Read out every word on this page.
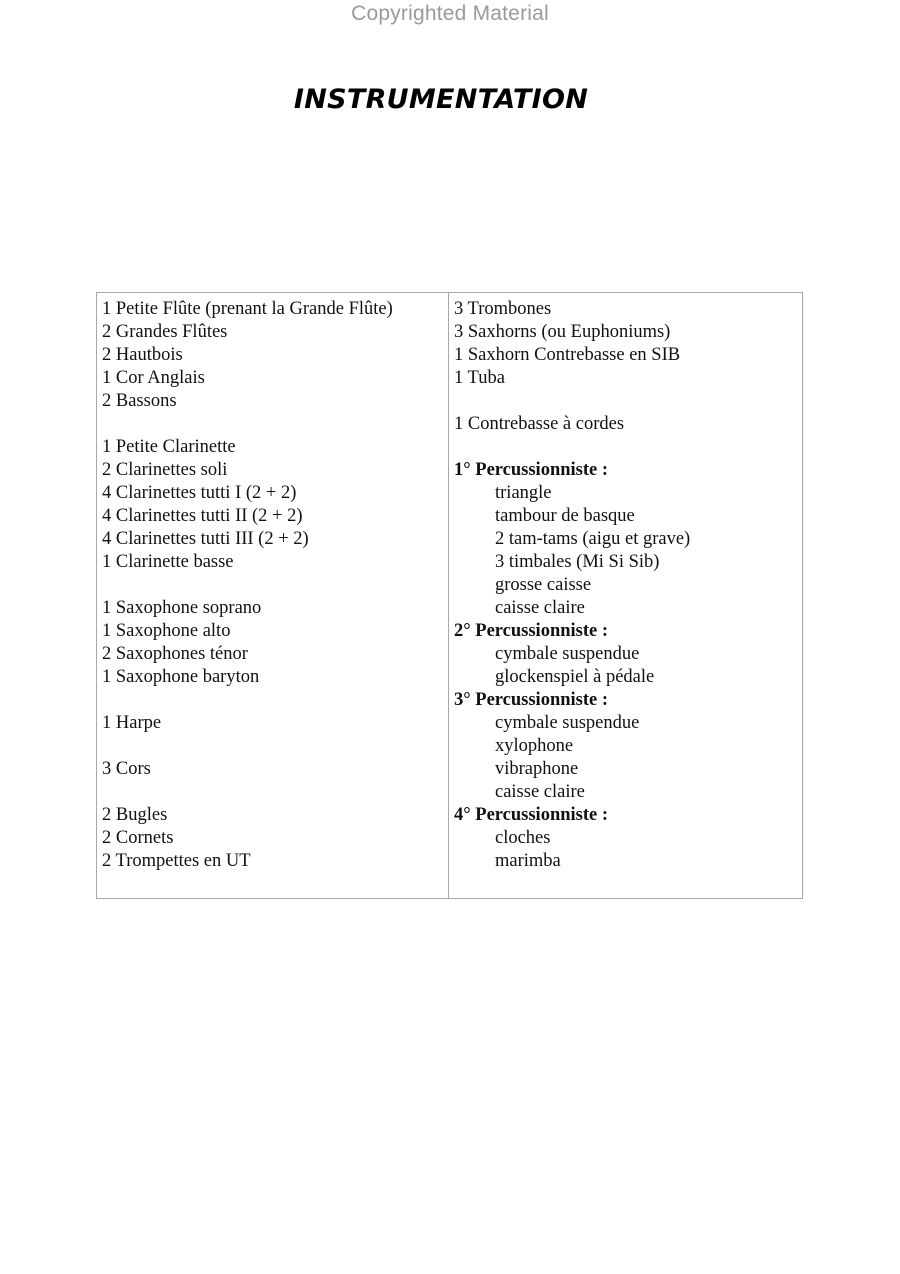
Copyrighted Material
INSTRUMENTATION
1 Petite Flûte (prenant la Grande Flûte)
2 Grandes Flûtes
2 Hautbois
1 Cor Anglais
2 Bassons
1 Petite Clarinette
2 Clarinettes soli
4 Clarinettes tutti I (2 + 2)
4 Clarinettes tutti II (2 + 2)
4 Clarinettes tutti III (2 + 2)
1 Clarinette basse
1 Saxophone soprano
1 Saxophone alto
2 Saxophones ténor
1 Saxophone baryton
1 Harpe
3 Cors
2 Bugles
2 Cornets
2 Trompettes en UT
3 Trombones
3 Saxhorns (ou Euphoniums)
1 Saxhorn Contrebasse en SIB
1 Tuba
1 Contrebasse à cordes
1° Percussionniste :
triangle
tambour de basque
2 tam-tams (aigu et grave)
3 timbales (Mi Si Sib)
grosse caisse
caisse claire
2° Percussionniste :
cymbale suspendue
glockenspiel à pédale
3° Percussionniste :
cymbale suspendue
xylophone
vibraphone
caisse claire
4° Percussionniste :
cloches
marimba
